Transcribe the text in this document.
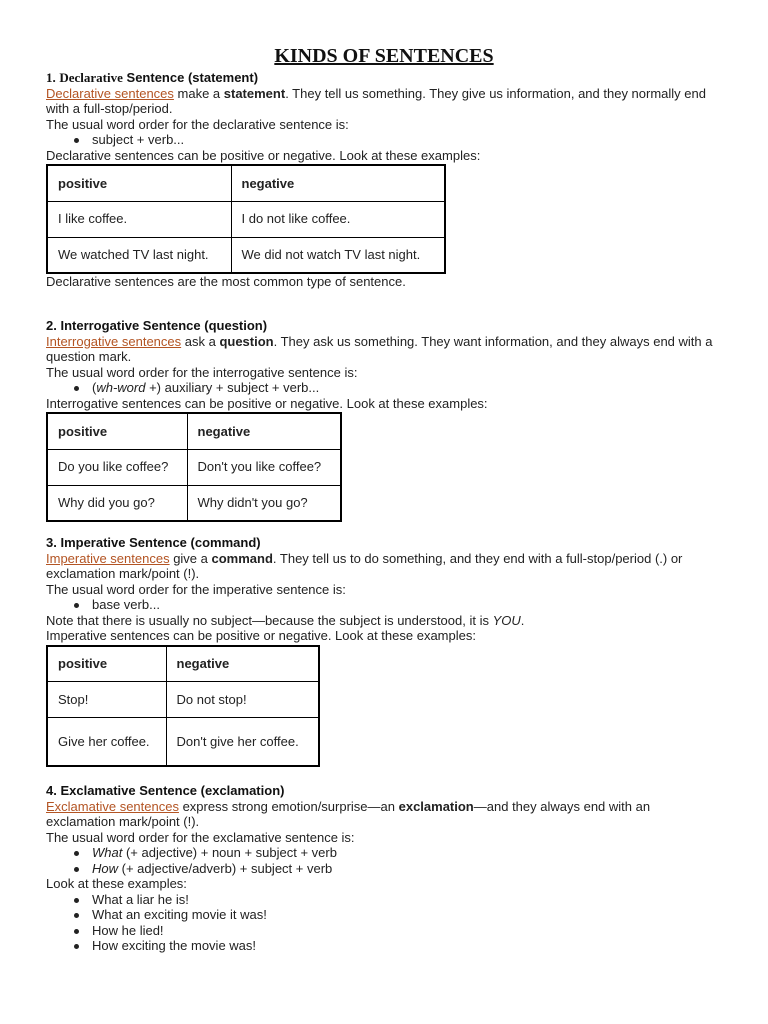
KINDS OF SENTENCES

1. Declarative Sentence (statement)

Declarative sentences make a statement. They tell us something. They give us information, and they normally end with a full-stop/period.

The usual word order for the declarative sentence is:

subject + verb...

Declarative sentences can be positive or negative. Look at these examples:

positive	negative
I like coffee.	I do not like coffee.
We watched TV last night.	We did not watch TV last night.

Declarative sentences are the most common type of sentence.

2. Interrogative Sentence (question)

Interrogative sentences ask a question. They ask us something. They want information, and they always end with a question mark.

The usual word order for the interrogative sentence is:

(wh-word +) auxiliary + subject + verb...

Interrogative sentences can be positive or negative. Look at these examples:

positive	negative
Do you like coffee?	Don't you like coffee?
Why did you go?	Why didn't you go?

3. Imperative Sentence (command)

Imperative sentences give a command. They tell us to do something, and they end with a full-stop/period (.) or exclamation mark/point (!).

The usual word order for the imperative sentence is:

base verb...

Note that there is usually no subject—because the subject is understood, it is YOU.

Imperative sentences can be positive or negative. Look at these examples:

positive	negative
Stop!	Do not stop!
Give her coffee.	Don't give her coffee.

4. Exclamative Sentence (exclamation)

Exclamative sentences express strong emotion/surprise—an exclamation—and they always end with an exclamation mark/point (!).

The usual word order for the exclamative sentence is:

What (+ adjective) + noun + subject + verb
How (+ adjective/adverb) + subject + verb

Look at these examples:

What a liar he is!
What an exciting movie it was!
How he lied!
How exciting the movie was!
